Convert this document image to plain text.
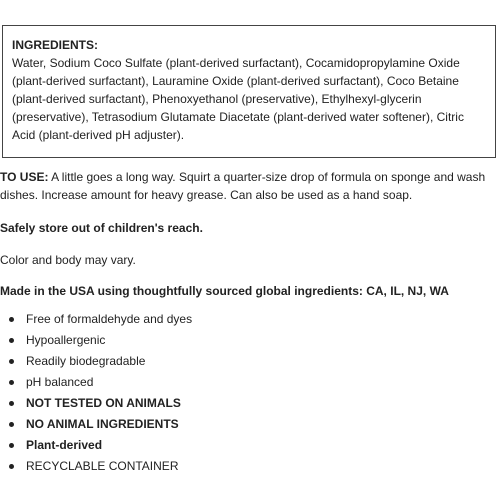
INGREDIENTS:
Water, Sodium Coco Sulfate (plant-derived surfactant), Cocamidopropylamine Oxide (plant-derived surfactant), Lauramine Oxide (plant-derived surfactant), Coco Betaine (plant-derived surfactant), Phenoxyethanol (preservative), Ethylhexyl-glycerin (preservative), Tetrasodium Glutamate Diacetate (plant-derived water softener), Citric Acid (plant-derived pH adjuster).
TO USE: A little goes a long way. Squirt a quarter-size drop of formula on sponge and wash dishes. Increase amount for heavy grease. Can also be used as a hand soap.
Safely store out of children's reach.
Color and body may vary.
Made in the USA using thoughtfully sourced global ingredients: CA, IL, NJ, WA
Free of formaldehyde and dyes
Hypoallergenic
Readily biodegradable
pH balanced
NOT TESTED ON ANIMALS
NO ANIMAL INGREDIENTS
Plant-derived
RECYCLABLE CONTAINER
